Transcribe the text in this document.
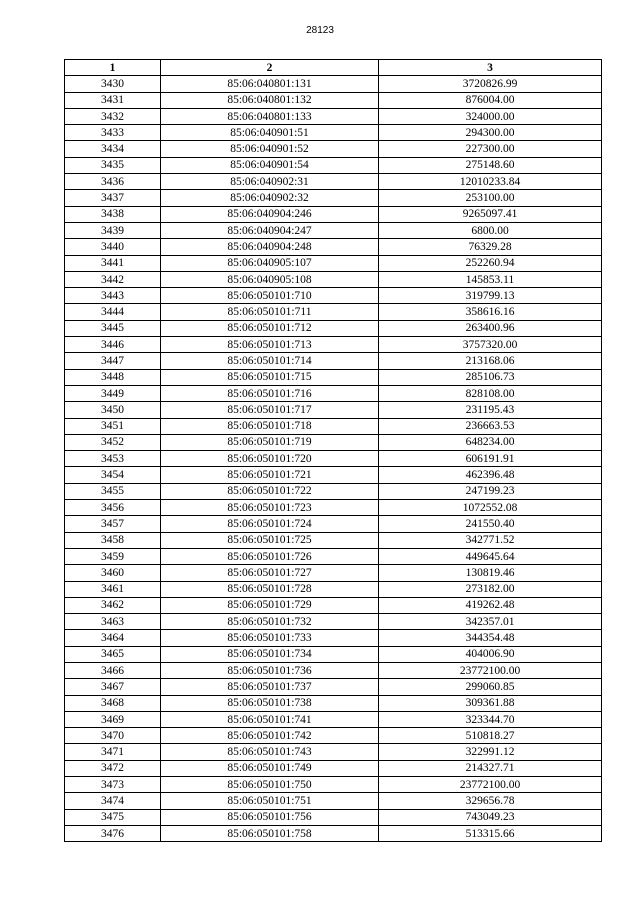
28123
1	2	3
3430	85:06:040801:131	3720826.99
3431	85:06:040801:132	876004.00
3432	85:06:040801:133	324000.00
3433	85:06:040901:51	294300.00
3434	85:06:040901:52	227300.00
3435	85:06:040901:54	275148.60
3436	85:06:040902:31	12010233.84
3437	85:06:040902:32	253100.00
3438	85:06:040904:246	9265097.41
3439	85:06:040904:247	6800.00
3440	85:06:040904:248	76329.28
3441	85:06:040905:107	252260.94
3442	85:06:040905:108	145853.11
3443	85:06:050101:710	319799.13
3444	85:06:050101:711	358616.16
3445	85:06:050101:712	263400.96
3446	85:06:050101:713	3757320.00
3447	85:06:050101:714	213168.06
3448	85:06:050101:715	285106.73
3449	85:06:050101:716	828108.00
3450	85:06:050101:717	231195.43
3451	85:06:050101:718	236663.53
3452	85:06:050101:719	648234.00
3453	85:06:050101:720	606191.91
3454	85:06:050101:721	462396.48
3455	85:06:050101:722	247199.23
3456	85:06:050101:723	1072552.08
3457	85:06:050101:724	241550.40
3458	85:06:050101:725	342771.52
3459	85:06:050101:726	449645.64
3460	85:06:050101:727	130819.46
3461	85:06:050101:728	273182.00
3462	85:06:050101:729	419262.48
3463	85:06:050101:732	342357.01
3464	85:06:050101:733	344354.48
3465	85:06:050101:734	404006.90
3466	85:06:050101:736	23772100.00
3467	85:06:050101:737	299060.85
3468	85:06:050101:738	309361.88
3469	85:06:050101:741	323344.70
3470	85:06:050101:742	510818.27
3471	85:06:050101:743	322991.12
3472	85:06:050101:749	214327.71
3473	85:06:050101:750	23772100.00
3474	85:06:050101:751	329656.78
3475	85:06:050101:756	743049.23
3476	85:06:050101:758	513315.66
